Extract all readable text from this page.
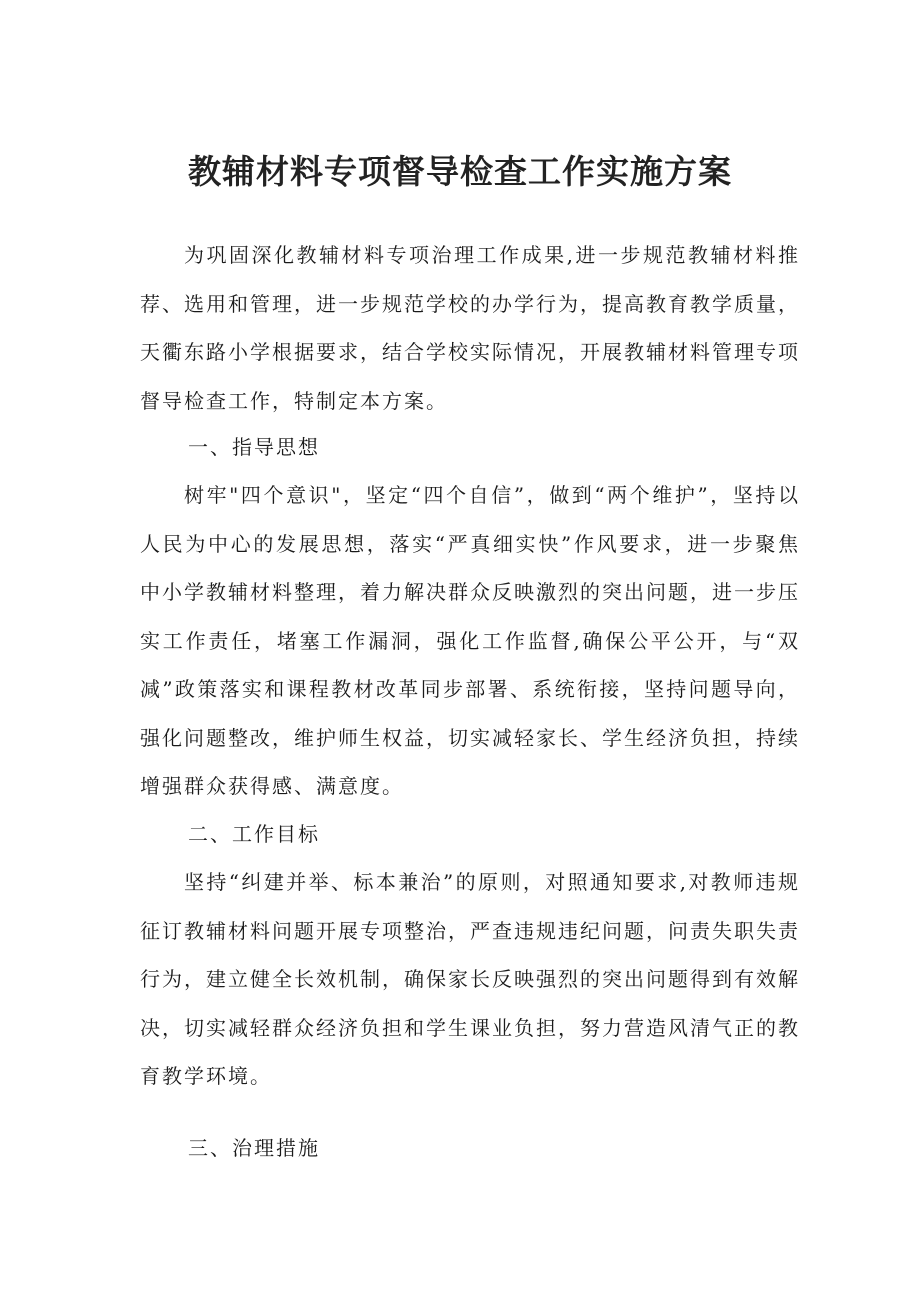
教辅材料专项督导检查工作实施方案

为巩固深化教辅材料专项治理工作成果,进一步规范教辅材料推荐、选用和管理，进一步规范学校的办学行为，提高教育教学质量，天衢东路小学根据要求，结合学校实际情况，开展教辅材料管理专项督导检查工作，特制定本方案。

一、指导思想

树牢"四个意识"，坚定“四个自信”，做到“两个维护”，坚持以人民为中心的发展思想，落实“严真细实快”作风要求，进一步聚焦中小学教辅材料整理，着力解决群众反映激烈的突出问题，进一步压实工作责任，堵塞工作漏洞，强化工作监督,确保公平公开，与“双减”政策落实和课程教材改革同步部署、系统衔接，坚持问题导向，强化问题整改，维护师生权益，切实减轻家长、学生经济负担，持续增强群众获得感、满意度。

二、工作目标

坚持“纠建并举、标本兼治”的原则，对照通知要求,对教师违规征订教辅材料问题开展专项整治，严查违规违纪问题，问责失职失责行为，建立健全长效机制，确保家长反映强烈的突出问题得到有效解决，切实减轻群众经济负担和学生课业负担，努力营造风清气正的教育教学环境。

三、治理措施
